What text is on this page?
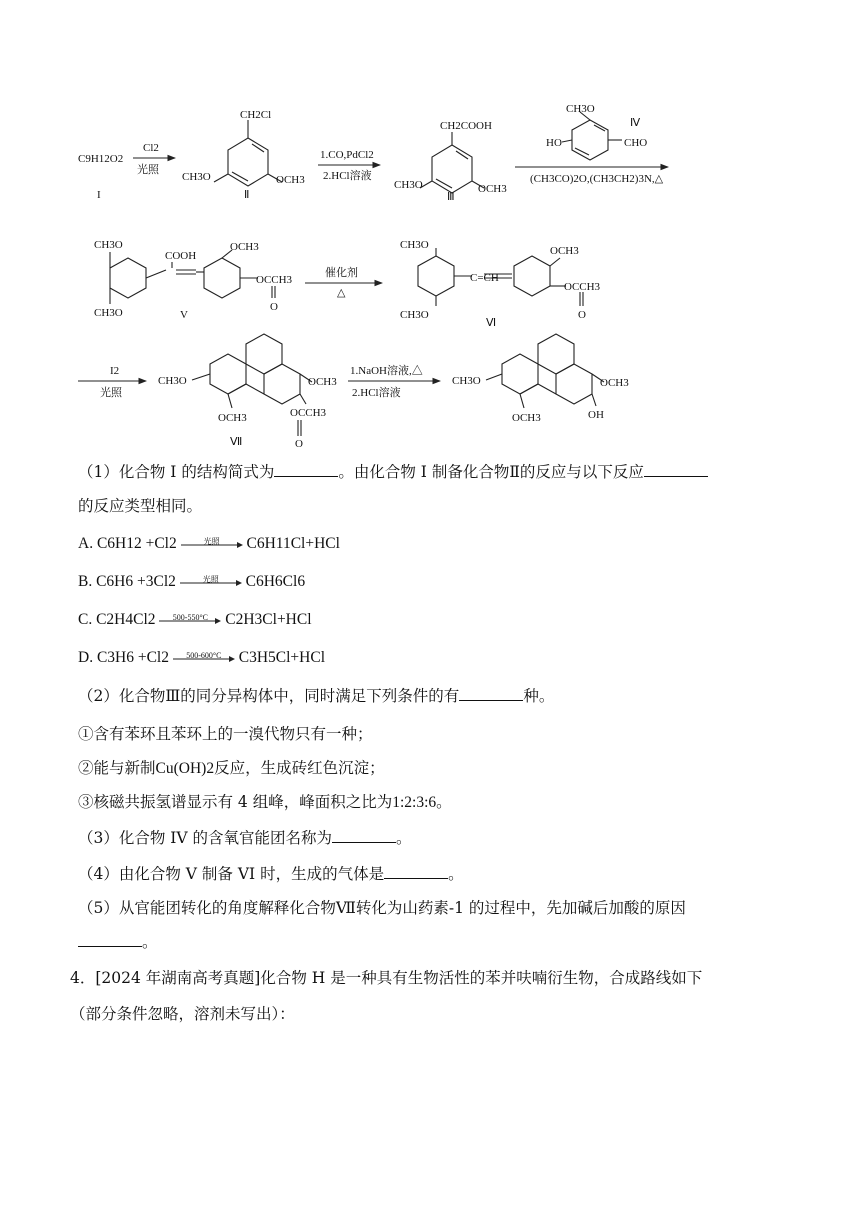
C9H12O2
I
Cl2
光照
CH2Cl
CH3O	OCH3
Ⅱ
1.CO,PdCl2
2.HCl溶液
CH2COOH
CH3O	OCH3
Ⅲ
CH3O
Ⅳ
HO	CHO
(CH3CO)2O,(CH3CH2)3N,△
CH3O
CH3O
COOH
OCH3
OCCH3
O
V
催化剂
△
CH3O
CH3O
C=CH
OCH3
OCCH3
O
Ⅵ
I2
光照
CH3O	OCH3
OCH3	OCCH3
O
Ⅶ
1.NaOH溶液,△
2.HCl溶液
CH3O	OCH3
OCH3	OH
（1）化合物 I 的结构简式为	。由化合物 I 制备化合物Ⅱ的反应与以下反应
的反应类型相同。
A. C6H12 +Cl2	光照	C6H11Cl+HCl
B. C6H6 +3Cl2	光照	C6H6Cl6
C. C2H4Cl2	500-550°C	C2H3Cl+HCl
D. C3H6 +Cl2	500-600°C	C3H5Cl+HCl
（2）化合物Ⅲ的同分异构体中，同时满足下列条件的有	种。
①含有苯环且苯环上的一溴代物只有一种；
②能与新制Cu(OH)2反应，生成砖红色沉淀；
③核磁共振氢谱显示有 4 组峰，峰面积之比为1:2:3:6。
（3）化合物 IV 的含氧官能团名称为	。
（4）由化合物 V 制备 VI 时，生成的气体是	。
（5）从官能团转化的角度解释化合物Ⅶ转化为山药素-1 的过程中，先加碱后加酸的原因
。
4．[2024 年湖南高考真题]化合物 H 是一种具有生物活性的苯并呋喃衍生物，合成路线如下
（部分条件忽略，溶剂未写出）：
